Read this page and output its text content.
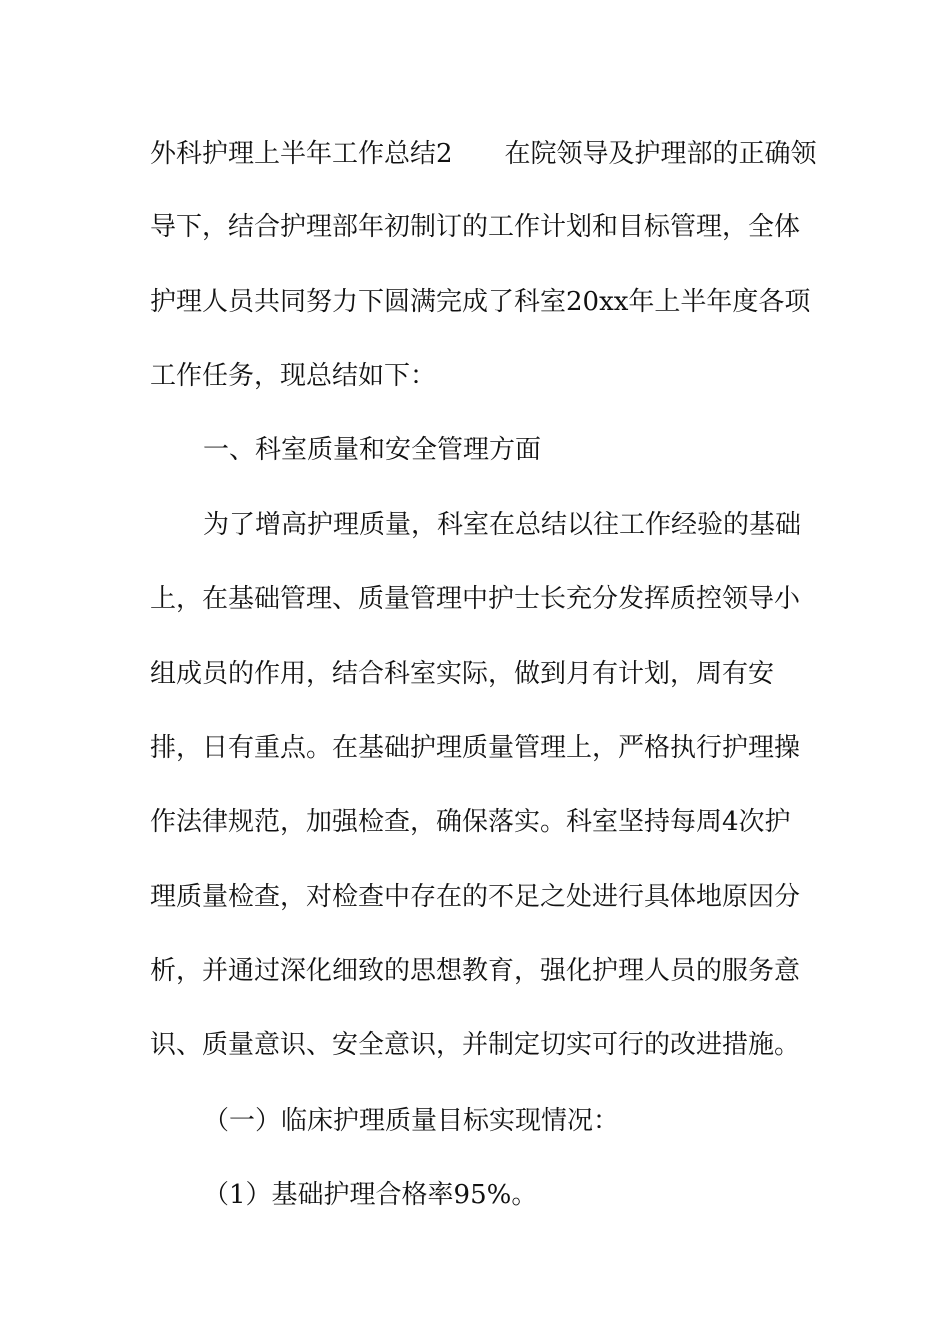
外科护理上半年工作总结2 在院领导及护理部的正确领
导下，结合护理部年初制订的工作计划和目标管理，全体
护理人员共同努力下圆满完成了科室20xx年上半年度各项
工作任务，现总结如下：
一、科室质量和安全管理方面
为了增高护理质量，科室在总结以往工作经验的基础
上，在基础管理、质量管理中护士长充分发挥质控领导小
组成员的作用，结合科室实际，做到月有计划，周有安
排，日有重点。在基础护理质量管理上，严格执行护理操
作法律规范，加强检查，确保落实。科室坚持每周4次护
理质量检查，对检查中存在的不足之处进行具体地原因分
析，并通过深化细致的思想教育，强化护理人员的服务意
识、质量意识、安全意识，并制定切实可行的改进措施。
（一）临床护理质量目标实现情况：
（1）基础护理合格率95%。
